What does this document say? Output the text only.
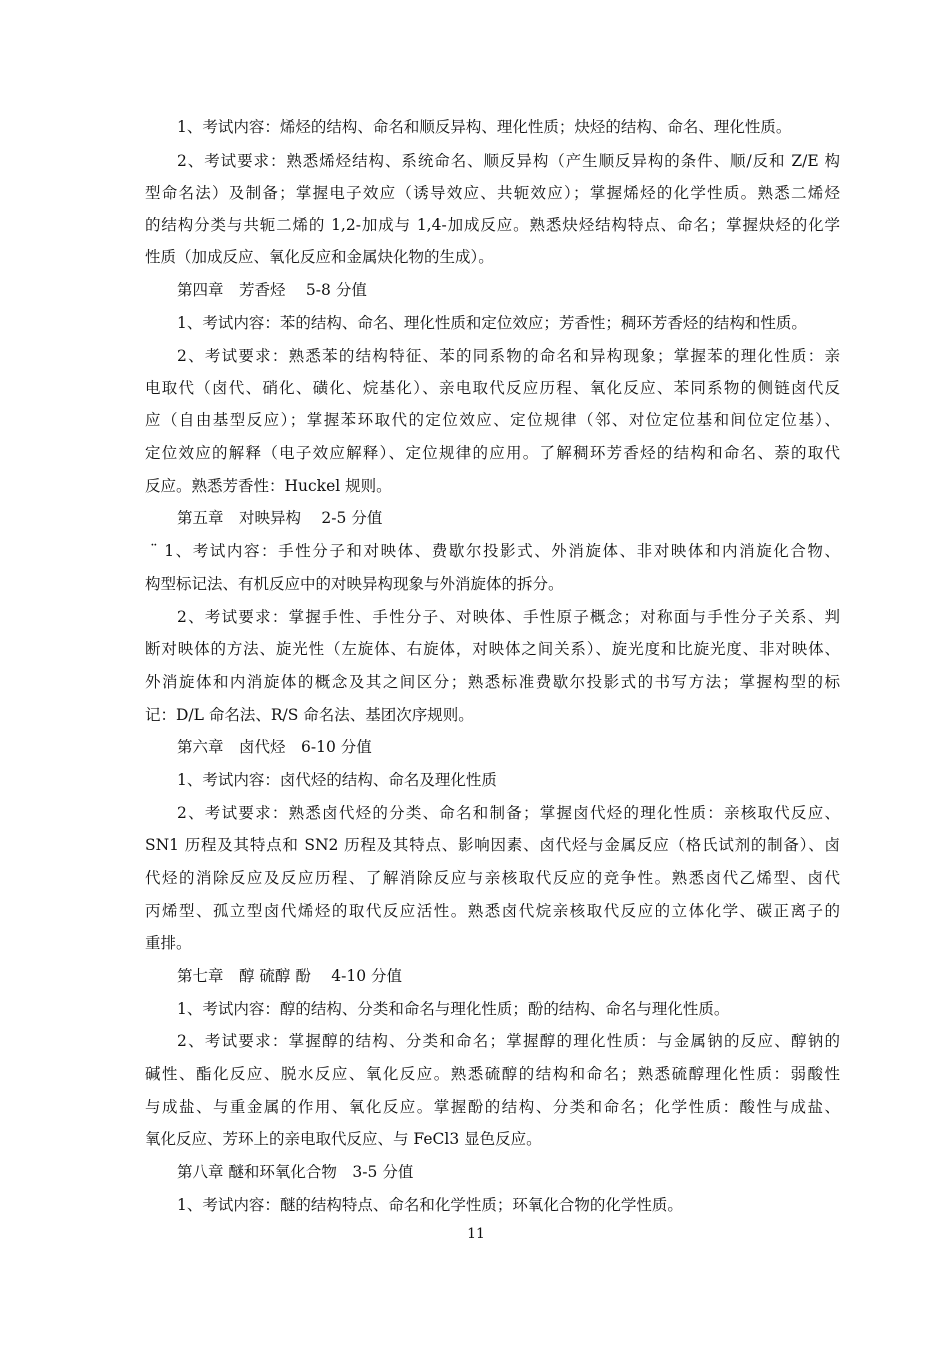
1、考试内容：烯烃的结构、命名和顺反异构、理化性质；炔烃的结构、命名、理化性质。
2、考试要求：熟悉烯烃结构、系统命名、顺反异构（产生顺反异构的条件、顺/反和 Z/E 构
型命名法）及制备；掌握电子效应（诱导效应、共轭效应）；掌握烯烃的化学性质。熟悉二烯烃
的结构分类与共轭二烯的 1,2-加成与 1,4-加成反应。熟悉炔烃结构特点、命名；掌握炔烃的化学
性质（加成反应、氧化反应和金属炔化物的生成）。
第四章　芳香烃　 5-8 分值
1、考试内容：苯的结构、命名、理化性质和定位效应；芳香性；稠环芳香烃的结构和性质。
2、考试要求：熟悉苯的结构特征、苯的同系物的命名和异构现象；掌握苯的理化性质：亲
电取代（卤代、硝化、磺化、烷基化）、亲电取代反应历程、氧化反应、苯同系物的侧链卤代反
应（自由基型反应）；掌握苯环取代的定位效应、定位规律（邻、对位定位基和间位定位基）、
定位效应的解释（电子效应解释）、定位规律的应用。了解稠环芳香烃的结构和命名、萘的取代
反应。熟悉芳香性：Huckel 规则。
第五章　对映异构　 2-5 分值
¨ 1、考试内容：手性分子和对映体、费歇尔投影式、外消旋体、非对映体和内消旋化合物、
构型标记法、有机反应中的对映异构现象与外消旋体的拆分。
2、考试要求：掌握手性、手性分子、对映体、手性原子概念；对称面与手性分子关系、判
断对映体的方法、旋光性（左旋体、右旋体，对映体之间关系）、旋光度和比旋光度、非对映体、
外消旋体和内消旋体的概念及其之间区分；熟悉标准费歇尔投影式的书写方法；掌握构型的标
记：D/L 命名法、R/S 命名法、基团次序规则。
第六章　卤代烃　6-10 分值
1、考试内容：卤代烃的结构、命名及理化性质
2、考试要求：熟悉卤代烃的分类、命名和制备；掌握卤代烃的理化性质：亲核取代反应、
SN1 历程及其特点和 SN2 历程及其特点、影响因素、卤代烃与金属反应（格氏试剂的制备）、卤
代烃的消除反应及反应历程、了解消除反应与亲核取代反应的竞争性。熟悉卤代乙烯型、卤代
丙烯型、孤立型卤代烯烃的取代反应活性。熟悉卤代烷亲核取代反应的立体化学、碳正离子的
重排。
第七章　醇 硫醇 酚　 4-10 分值
1、考试内容：醇的结构、分类和命名与理化性质；酚的结构、命名与理化性质。
2、考试要求：掌握醇的结构、分类和命名；掌握醇的理化性质：与金属钠的反应、醇钠的
碱性、酯化反应、脱水反应、氧化反应。熟悉硫醇的结构和命名；熟悉硫醇理化性质：弱酸性
与成盐、与重金属的作用、氧化反应。掌握酚的结构、分类和命名；化学性质：酸性与成盐、
氧化反应、芳环上的亲电取代反应、与 FeCl3 显色反应。
第八章 醚和环氧化合物　3-5 分值
1、考试内容：醚的结构特点、命名和化学性质；环氧化合物的化学性质。
11
